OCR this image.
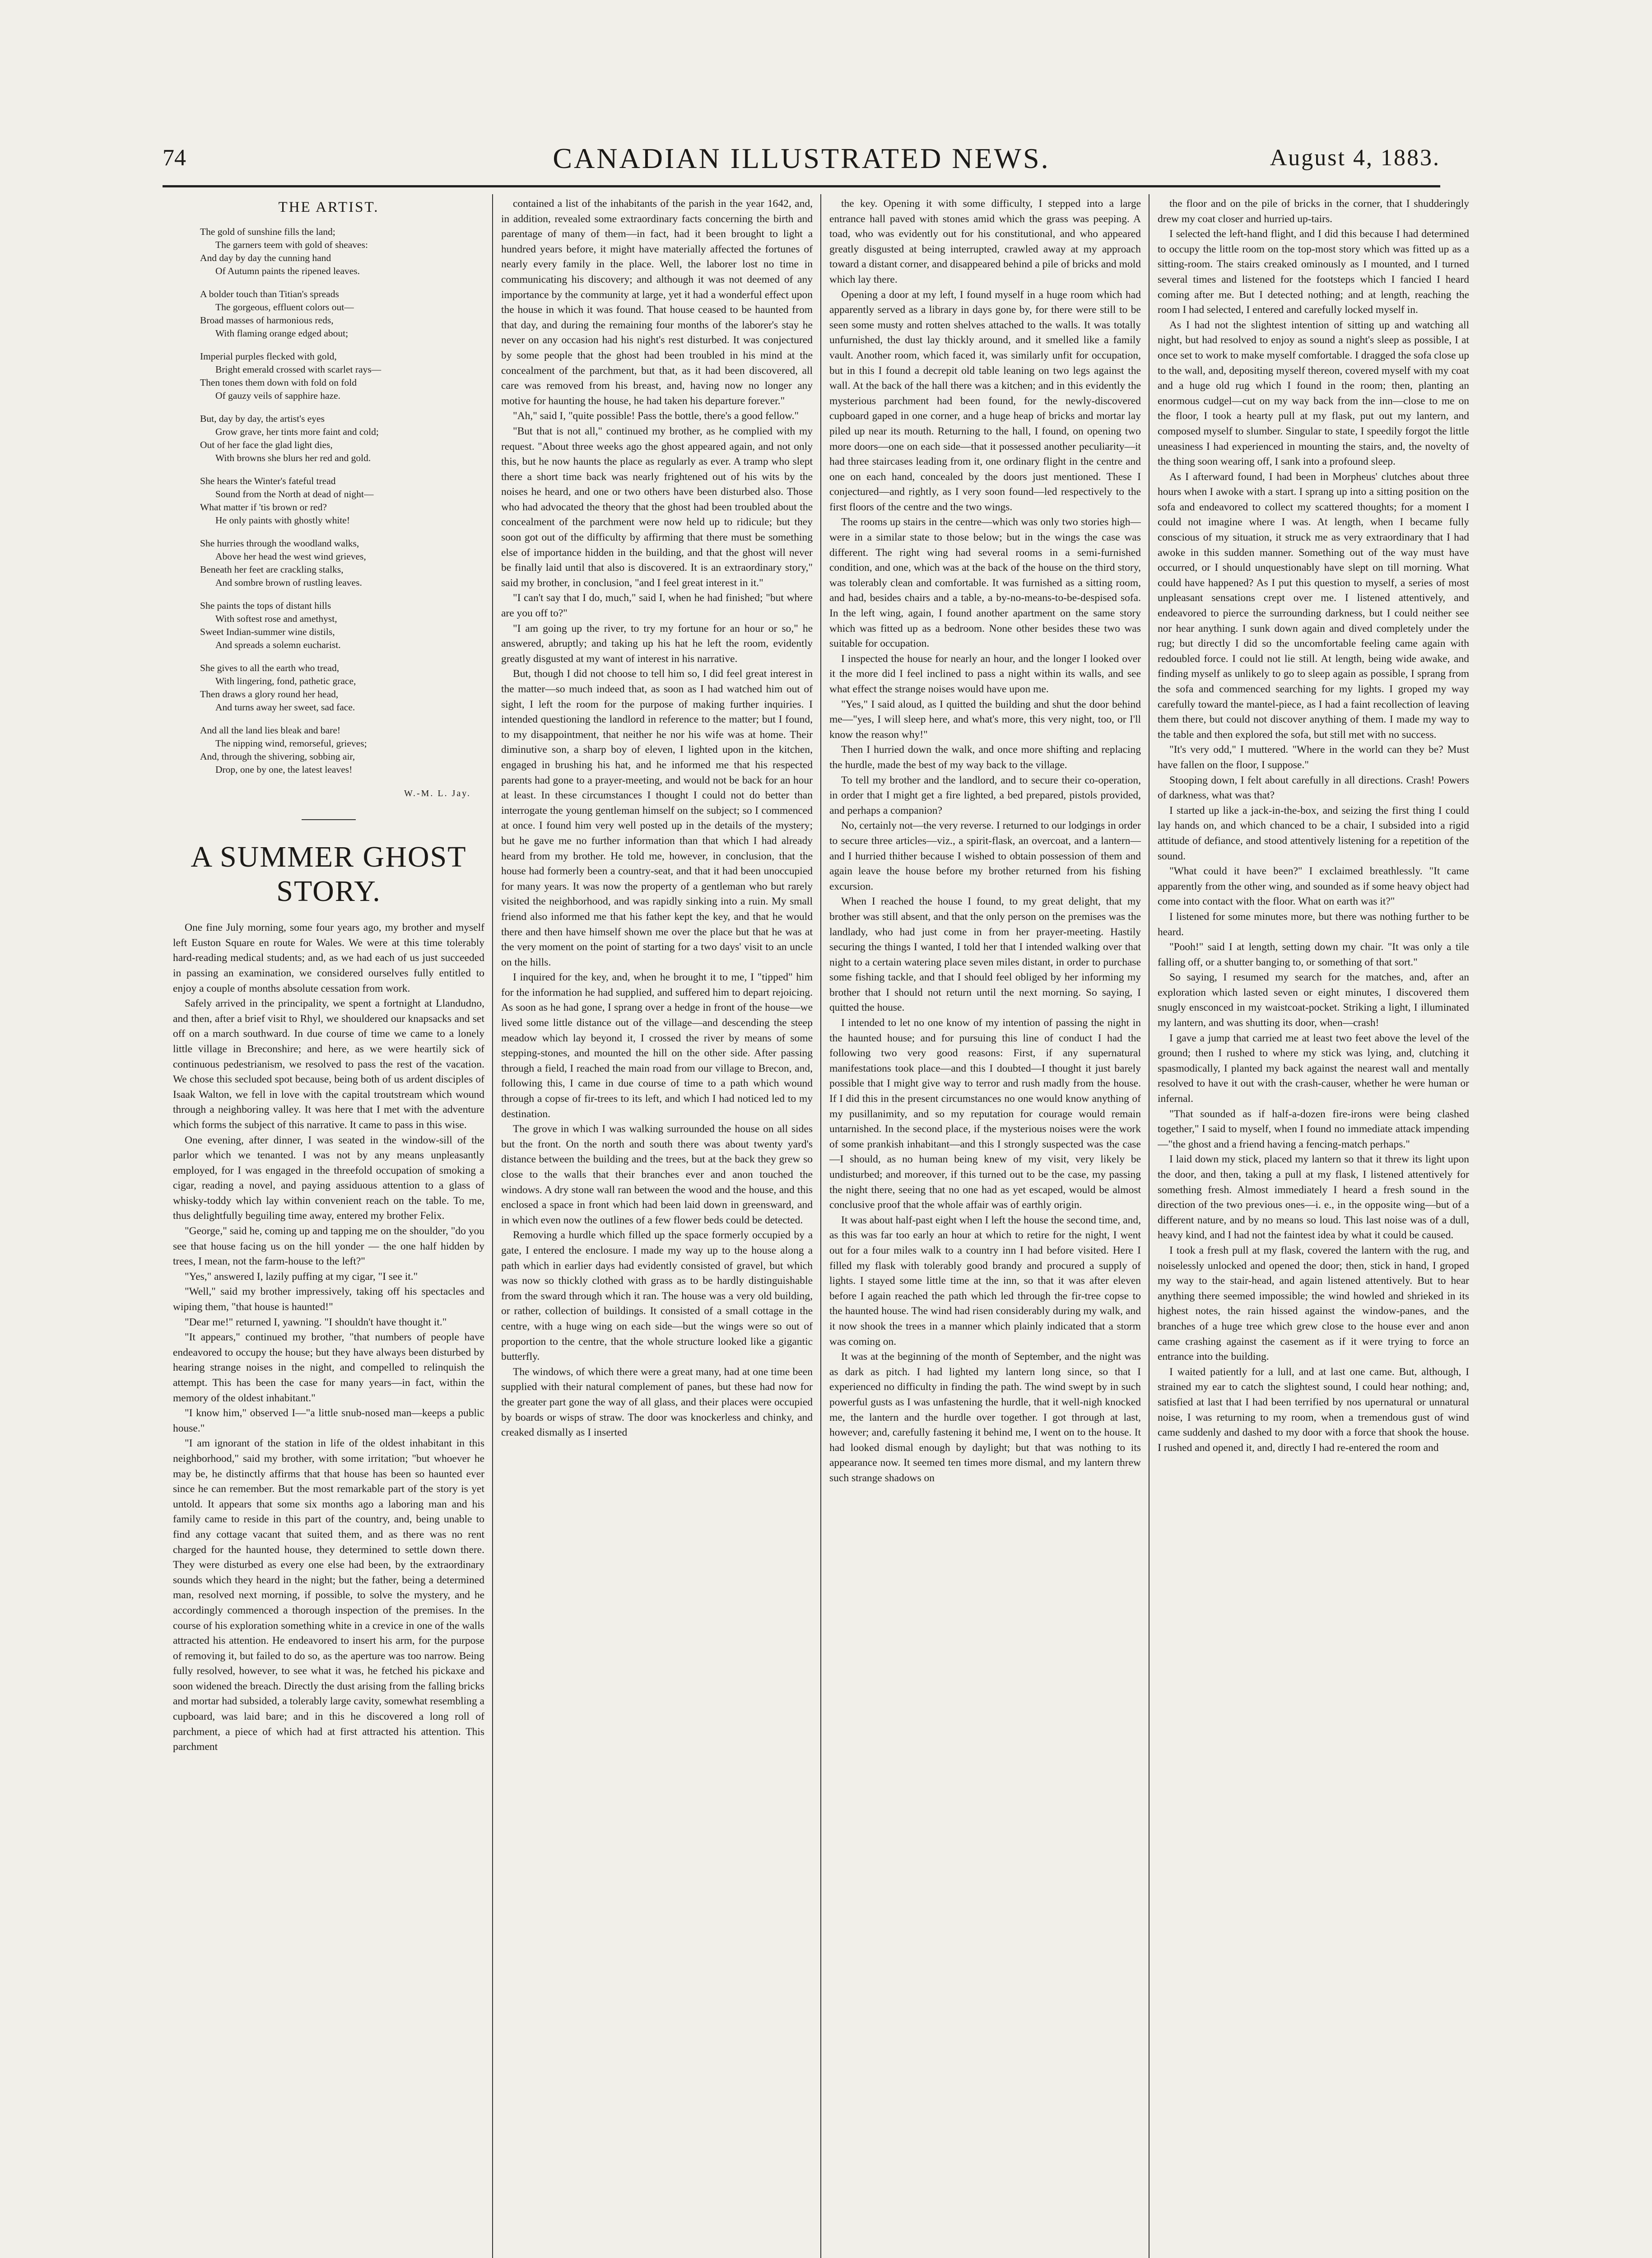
74	CANADIAN ILLUSTRATED NEWS.	August 4, 1883.
THE ARTIST.
The gold of sunshine fills the land;
The garners teem with gold of sheaves:
And day by day the cunning hand
Of Autumn paints the ripened leaves.
A bolder touch than Titian's spreads
The gorgeous, effluent colors out—
Broad masses of harmonious reds,
With flaming orange edged about;
Imperial purples flecked with gold,
Bright emerald crossed with scarlet rays—
Then tones them down with fold on fold
Of gauzy veils of sapphire haze.
But, day by day, the artist's eyes
Grow grave, her tints more faint and cold;
Out of her face the glad light dies,
With browns she blurs her red and gold.
She hears the Winter's fateful tread
Sound from the North at dead of night—
What matter if 'tis brown or red?
He only paints with ghostly white!
She hurries through the woodland walks,
Above her head the west wind grieves,
Beneath her feet are crackling stalks,
And sombre brown of rustling leaves.
She paints the tops of distant hills
With softest rose and amethyst,
Sweet Indian-summer wine distils,
And spreads a solemn eucharist.
She gives to all the earth who tread,
With lingering, fond, pathetic grace,
Then draws a glory round her head,
And turns away her sweet, sad face.
And all the land lies bleak and bare!
The nipping wind, remorseful, grieves;
And, through the shivering, sobbing air,
Drop, one by one, the latest leaves!
W.-M. L. Jay.
A SUMMER GHOST STORY.

One fine July morning, some four years ago, my brother and myself left Euston Square en route for Wales. We were at this time tolerably hard-reading medical students; and, as we had each of us just succeeded in passing an examination, we considered ourselves fully entitled to enjoy a couple of months absolute cessation from work.

Safely arrived in the principality, we spent a fortnight at Llandudno, and then, after a brief visit to Rhyl, we shouldered our knapsacks and set off on a march southward. In due course of time we came to a lonely little village in Breconshire; and here, as we were heartily sick of continuous pedestrianism, we resolved to pass the rest of the vacation. We chose this secluded spot because, being both of us ardent disciples of Isaak Walton, we fell in love with the capital troutstream which wound through a neighboring valley. It was here that I met with the adventure which forms the subject of this narrative. It came to pass in this wise.

One evening, after dinner, I was seated in the window-sill of the parlor which we tenanted. I was not by any means unpleasantly employed, for I was engaged in the threefold occupation of smoking a cigar, reading a novel, and paying assiduous attention to a glass of whisky-toddy which lay within convenient reach on the table. To me, thus delightfully beguiling time away, entered my brother Felix.

"George," said he, coming up and tapping me on the shoulder, "do you see that house facing us on the hill yonder — the one half hidden by trees, I mean, not the farm-house to the left?"

"Yes," answered I, lazily puffing at my cigar, "I see it."

"Well," said my brother impressively, taking off his spectacles and wiping them, "that house is haunted!"

"Dear me!" returned I, yawning. "I shouldn't have thought it."

"It appears," continued my brother, "that numbers of people have endeavored to occupy the house; but they have always been disturbed by hearing strange noises in the night, and compelled to relinquish the attempt. This has been the case for many years—in fact, within the memory of the oldest inhabitant."

"I know him," observed I—"a little snub-nosed man—keeps a public house."

"I am ignorant of the station in life of the oldest inhabitant in this neighborhood," said my brother, with some irritation; "but whoever he may be, he distinctly affirms that that house has been so haunted ever since he can remember. But the most remarkable part of the story is yet untold. It appears that some six months ago a laboring man and his family came to reside in this part of the country, and, being unable to find any cottage vacant that suited them, and as there was no rent charged for the haunted house, they determined to settle down there. They were disturbed as every one else had been, by the extraordinary sounds which they heard in the night; but the father, being a determined man, resolved next morning, if possible, to solve the mystery, and he accordingly commenced a thorough inspection of the premises. In the course of his exploration something white in a crevice in one of the walls attracted his attention. He endeavored to insert his arm, for the purpose of removing it, but failed to do so, as the aperture was too narrow. Being fully resolved, however, to see what it was, he fetched his pickaxe and soon widened the breach. Directly the dust arising from the falling bricks and mortar had subsided, a tolerably large cavity, somewhat resembling a cupboard, was laid bare; and in this he discovered a long roll of parchment, a piece of which had at first attracted his attention. This parchment

contained a list of the inhabitants of the parish in the year 1642, and, in addition, revealed some extraordinary facts concerning the birth and parentage of many of them—in fact, had it been brought to light a hundred years before, it might have materially affected the fortunes of nearly every family in the place. Well, the laborer lost no time in communicating his discovery; and although it was not deemed of any importance by the community at large, yet it had a wonderful effect upon the house in which it was found. That house ceased to be haunted from that day, and during the remaining four months of the laborer's stay he never on any occasion had his night's rest disturbed. It was conjectured by some people that the ghost had been troubled in his mind at the concealment of the parchment, but that, as it had been discovered, all care was removed from his breast, and, having now no longer any motive for haunting the house, he had taken his departure forever."

"Ah," said I, "quite possible! Pass the bottle, there's a good fellow."

"But that is not all," continued my brother, as he complied with my request. "About three weeks ago the ghost appeared again, and not only this, but he now haunts the place as regularly as ever. A tramp who slept there a short time back was nearly frightened out of his wits by the noises he heard, and one or two others have been disturbed also. Those who had advocated the theory that the ghost had been troubled about the concealment of the parchment were now held up to ridicule; but they soon got out of the difficulty by affirming that there must be something else of importance hidden in the building, and that the ghost will never be finally laid until that also is discovered. It is an extraordinary story," said my brother, in conclusion, "and I feel great interest in it."

"I can't say that I do, much," said I, when he had finished; "but where are you off to?"

"I am going up the river, to try my fortune for an hour or so," he answered, abruptly; and taking up his hat he left the room, evidently greatly disgusted at my want of interest in his narrative.

But, though I did not choose to tell him so, I did feel great interest in the matter—so much indeed that, as soon as I had watched him out of sight, I left the room for the purpose of making further inquiries. I intended questioning the landlord in reference to the matter; but I found, to my disappointment, that neither he nor his wife was at home. Their diminutive son, a sharp boy of eleven, I lighted upon in the kitchen, engaged in brushing his hat, and he informed me that his respected parents had gone to a prayer-meeting, and would not be back for an hour at least. In these circumstances I thought I could not do better than interrogate the young gentleman himself on the subject; so I commenced at once. I found him very well posted up in the details of the mystery; but he gave me no further information than that which I had already heard from my brother. He told me, however, in conclusion, that the house had formerly been a country-seat, and that it had been unoccupied for many years. It was now the property of a gentleman who but rarely visited the neighborhood, and was rapidly sinking into a ruin. My small friend also informed me that his father kept the key, and that he would there and then have himself shown me over the place but that he was at the very moment on the point of starting for a two days' visit to an uncle on the hills.

I inquired for the key, and, when he brought it to me, I "tipped" him for the information he had supplied, and suffered him to depart rejoicing. As soon as he had gone, I sprang over a hedge in front of the house—we lived some little distance out of the village—and descending the steep meadow which lay beyond it, I crossed the river by means of some stepping-stones, and mounted the hill on the other side. After passing through a field, I reached the main road from our village to Brecon, and, following this, I came in due course of time to a path which wound through a copse of fir-trees to its left, and which I had noticed led to my destination.

The grove in which I was walking surrounded the house on all sides but the front. On the north and south there was about twenty yard's distance between the building and the trees, but at the back they grew so close to the walls that their branches ever and anon touched the windows. A dry stone wall ran between the wood and the house, and this enclosed a space in front which had been laid down in greensward, and in which even now the outlines of a few flower beds could be detected.

Removing a hurdle which filled up the space formerly occupied by a gate, I entered the enclosure. I made my way up to the house along a path which in earlier days had evidently consisted of gravel, but which was now so thickly clothed with grass as to be hardly distinguishable from the sward through which it ran. The house was a very old building, or rather, collection of buildings. It consisted of a small cottage in the centre, with a huge wing on each side—but the wings were so out of proportion to the centre, that the whole structure looked like a gigantic butterfly.

The windows, of which there were a great many, had at one time been supplied with their natural complement of panes, but these had now for the greater part gone the way of all glass, and their places were occupied by boards or wisps of straw. The door was knockerless and chinky, and creaked dismally as I inserted

the key. Opening it with some difficulty, I stepped into a large entrance hall paved with stones amid which the grass was peeping. A toad, who was evidently out for his constitutional, and who appeared greatly disgusted at being interrupted, crawled away at my approach toward a distant corner, and disappeared behind a pile of bricks and mold which lay there.

Opening a door at my left, I found myself in a huge room which had apparently served as a library in days gone by, for there were still to be seen some musty and rotten shelves attached to the walls. It was totally unfurnished, the dust lay thickly around, and it smelled like a family vault. Another room, which faced it, was similarly unfit for occupation, but in this I found a decrepit old table leaning on two legs against the wall. At the back of the hall there was a kitchen; and in this evidently the mysterious parchment had been found, for the newly-discovered cupboard gaped in one corner, and a huge heap of bricks and mortar lay piled up near its mouth. Returning to the hall, I found, on opening two more doors—one on each side—that it possessed another peculiarity—it had three staircases leading from it, one ordinary flight in the centre and one on each hand, concealed by the doors just mentioned. These I conjectured—and rightly, as I very soon found—led respectively to the first floors of the centre and the two wings.

The rooms up stairs in the centre—which was only two stories high—were in a similar state to those below; but in the wings the case was different. The right wing had several rooms in a semi-furnished condition, and one, which was at the back of the house on the third story, was tolerably clean and comfortable. It was furnished as a sitting room, and had, besides chairs and a table, a by-no-means-to-be-despised sofa. In the left wing, again, I found another apartment on the same story which was fitted up as a bedroom. None other besides these two was suitable for occupation.

I inspected the house for nearly an hour, and the longer I looked over it the more did I feel inclined to pass a night within its walls, and see what effect the strange noises would have upon me.

"Yes," I said aloud, as I quitted the building and shut the door behind me—"yes, I will sleep here, and what's more, this very night, too, or I'll know the reason why!"

Then I hurried down the walk, and once more shifting and replacing the hurdle, made the best of my way back to the village.

To tell my brother and the landlord, and to secure their co-operation, in order that I might get a fire lighted, a bed prepared, pistols provided, and perhaps a companion?

No, certainly not—the very reverse. I returned to our lodgings in order to secure three articles—viz., a spirit-flask, an overcoat, and a lantern—and I hurried thither because I wished to obtain possession of them and again leave the house before my brother returned from his fishing excursion.

When I reached the house I found, to my great delight, that my brother was still absent, and that the only person on the premises was the landlady, who had just come in from her prayer-meeting. Hastily securing the things I wanted, I told her that I intended walking over that night to a certain watering place seven miles distant, in order to purchase some fishing tackle, and that I should feel obliged by her informing my brother that I should not return until the next morning. So saying, I quitted the house.

I intended to let no one know of my intention of passing the night in the haunted house; and for pursuing this line of conduct I had the following two very good reasons: First, if any supernatural manifestations took place—and this I doubted—I thought it just barely possible that I might give way to terror and rush madly from the house. If I did this in the present circumstances no one would know anything of my pusillanimity, and so my reputation for courage would remain untarnished. In the second place, if the mysterious noises were the work of some prankish inhabitant—and this I strongly suspected was the case—I should, as no human being knew of my visit, very likely be undisturbed; and moreover, if this turned out to be the case, my passing the night there, seeing that no one had as yet escaped, would be almost conclusive proof that the whole affair was of earthly origin.

It was about half-past eight when I left the house the second time, and, as this was far too early an hour at which to retire for the night, I went out for a four miles walk to a country inn I had before visited. Here I filled my flask with tolerably good brandy and procured a supply of lights. I stayed some little time at the inn, so that it was after eleven before I again reached the path which led through the fir-tree copse to the haunted house. The wind had risen considerably during my walk, and it now shook the trees in a manner which plainly indicated that a storm was coming on.

It was at the beginning of the month of September, and the night was as dark as pitch. I had lighted my lantern long since, so that I experienced no difficulty in finding the path. The wind swept by in such powerful gusts as I was unfastening the hurdle, that it well-nigh knocked me, the lantern and the hurdle over together. I got through at last, however; and, carefully fastening it behind me, I went on to the house. It had looked dismal enough by daylight; but that was nothing to its appearance now. It seemed ten times more dismal, and my lantern threw such strange shadows on

the floor and on the pile of bricks in the corner, that I shudderingly drew my coat closer and hurried up-tairs.

I selected the left-hand flight, and I did this because I had determined to occupy the little room on the top-most story which was fitted up as a sitting-room. The stairs creaked ominously as I mounted, and I turned several times and listened for the footsteps which I fancied I heard coming after me. But I detected nothing; and at length, reaching the room I had selected, I entered and carefully locked myself in.

As I had not the slightest intention of sitting up and watching all night, but had resolved to enjoy as sound a night's sleep as possible, I at once set to work to make myself comfortable. I dragged the sofa close up to the wall, and, depositing myself thereon, covered myself with my coat and a huge old rug which I found in the room; then, planting an enormous cudgel—cut on my way back from the inn—close to me on the floor, I took a hearty pull at my flask, put out my lantern, and composed myself to slumber. Singular to state, I speedily forgot the little uneasiness I had experienced in mounting the stairs, and, the novelty of the thing soon wearing off, I sank into a profound sleep.

As I afterward found, I had been in Morpheus' clutches about three hours when I awoke with a start. I sprang up into a sitting position on the sofa and endeavored to collect my scattered thoughts; for a moment I could not imagine where I was. At length, when I became fully conscious of my situation, it struck me as very extraordinary that I had awoke in this sudden manner. Something out of the way must have occurred, or I should unquestionably have slept on till morning. What could have happened? As I put this question to myself, a series of most unpleasant sensations crept over me. I listened attentively, and endeavored to pierce the surrounding darkness, but I could neither see nor hear anything. I sunk down again and dived completely under the rug; but directly I did so the uncomfortable feeling came again with redoubled force. I could not lie still. At length, being wide awake, and finding myself as unlikely to go to sleep again as possible, I sprang from the sofa and commenced searching for my lights. I groped my way carefully toward the mantel-piece, as I had a faint recollection of leaving them there, but could not discover anything of them. I made my way to the table and then explored the sofa, but still met with no success.

"It's very odd," I muttered. "Where in the world can they be? Must have fallen on the floor, I suppose."

Stooping down, I felt about carefully in all directions. Crash! Powers of darkness, what was that?

I started up like a jack-in-the-box, and seizing the first thing I could lay hands on, and which chanced to be a chair, I subsided into a rigid attitude of defiance, and stood attentively listening for a repetition of the sound.

"What could it have been?" I exclaimed breathlessly. "It came apparently from the other wing, and sounded as if some heavy object had come into contact with the floor. What on earth was it?"

I listened for some minutes more, but there was nothing further to be heard.

"Pooh!" said I at length, setting down my chair. "It was only a tile falling off, or a shutter banging to, or something of that sort."

So saying, I resumed my search for the matches, and, after an exploration which lasted seven or eight minutes, I discovered them snugly ensconced in my waistcoat-pocket. Striking a light, I illuminated my lantern, and was shutting its door, when—crash!

I gave a jump that carried me at least two feet above the level of the ground; then I rushed to where my stick was lying, and, clutching it spasmodically, I planted my back against the nearest wall and mentally resolved to have it out with the crash-causer, whether he were human or infernal.

"That sounded as if half-a-dozen fire-irons were being clashed together," I said to myself, when I found no immediate attack impending—"the ghost and a friend having a fencing-match perhaps."

I laid down my stick, placed my lantern so that it threw its light upon the door, and then, taking a pull at my flask, I listened attentively for something fresh. Almost immediately I heard a fresh sound in the direction of the two previous ones—i. e., in the opposite wing—but of a different nature, and by no means so loud. This last noise was of a dull, heavy kind, and I had not the faintest idea by what it could be caused.

I took a fresh pull at my flask, covered the lantern with the rug, and noiselessly unlocked and opened the door; then, stick in hand, I groped my way to the stair-head, and again listened attentively. But to hear anything there seemed impossible; the wind howled and shrieked in its highest notes, the rain hissed against the window-panes, and the branches of a huge tree which grew close to the house ever and anon came crashing against the casement as if it were trying to force an entrance into the building.

I waited patiently for a lull, and at last one came. But, although, I strained my ear to catch the slightest sound, I could hear nothing; and, satisfied at last that I had been terrified by nos upernatural or unnatural noise, I was returning to my room, when a tremendous gust of wind came suddenly and dashed to my door with a force that shook the house. I rushed and opened it, and, directly I had re-entered the room and
